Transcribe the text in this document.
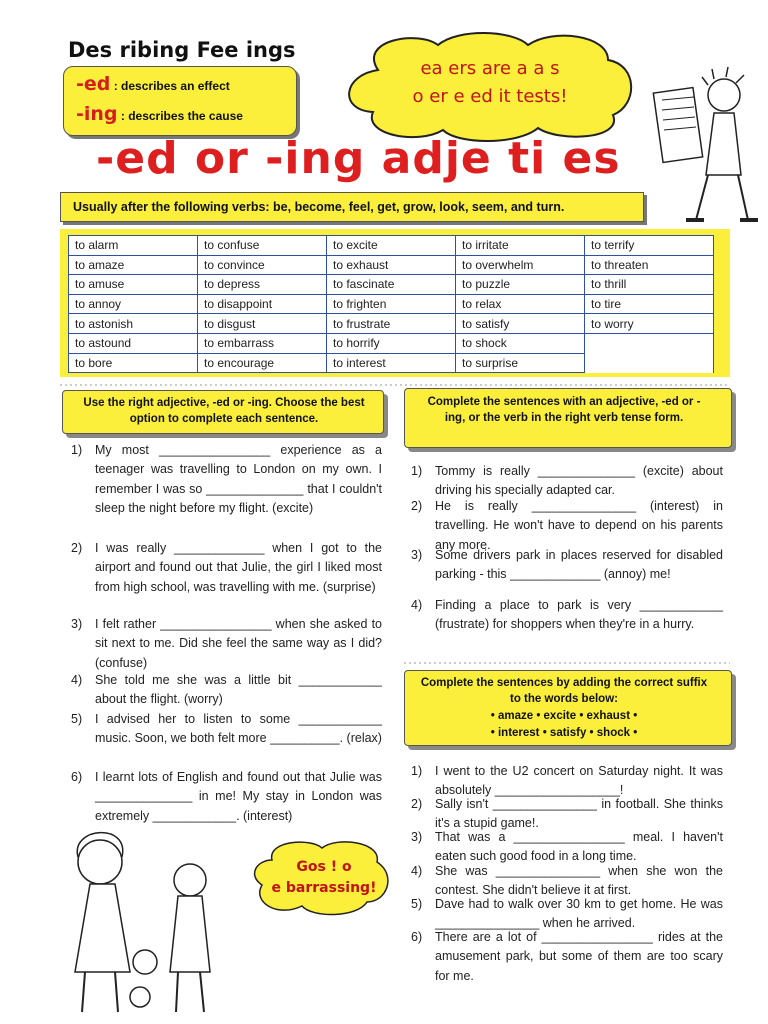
Des ribing Fee ings
-ed : describes an effect
-ing : describes the cause
ea ers are a a s
o er e ed it tests!
-ed or -ing adje ti es
Usually after the following verbs: be, become, feel, get, grow, look, seem, and turn.
to alarm	to confuse	to excite	to irritate	to terrify
to amaze	to convince	to exhaust	to overwhelm	to threaten
to amuse	to depress	to fascinate	to puzzle	to thrill
to annoy	to disappoint	to frighten	to relax	to tire
to astonish	to disgust	to frustrate	to satisfy	to worry
to astound	to embarrass	to horrify	to shock	
to bore	to encourage	to interest	to surprise	
Use the right adjective, -ed or -ing. Choose the best option to complete each sentence.
1) My most ________________ experience as a teenager was travelling to London on my own. I remember I was so ______________ that I couldn't sleep the night before my flight. (excite)
2) I was really _____________ when I got to the airport and found out that Julie, the girl I liked most from high school, was travelling with me. (surprise)
3) I felt rather ________________ when she asked to sit next to me. Did she feel the same way as I did? (confuse)
4) She told me she was a little bit ____________ about the flight. (worry)
5) I advised her to listen to some ____________ music. Soon, we both felt more __________. (relax)
6) I learnt lots of English and found out that Julie was ______________ in me! My stay in London was extremely ____________. (interest)
Complete the sentences with an adjective, -ed or -ing, or the verb in the right verb tense form.
1) Tommy is really ______________ (excite) about driving his specially adapted car.
2) He is really _______________ (interest) in travelling. He won't have to depend on his parents any more.
3) Some drivers park in places reserved for disabled parking - this _____________ (annoy) me!
4) Finding a place to park is very ____________ (frustrate) for shoppers when they're in a hurry.
Complete the sentences by adding the correct suffix to the words below:
• amaze • excite • exhaust •
• interest • satisfy • shock •
1) I went to the U2 concert on Saturday night. It was absolutely __________________!
2) Sally isn't _______________ in football. She thinks it's a stupid game!.
3) That was a ________________ meal. I haven't eaten such good food in a long time.
4) She was _______________ when she won the contest. She didn't believe it at first.
5) Dave had to walk over 30 km to get home. He was _______________ when he arrived.
6) There are a lot of ________________ rides at the amusement park, but some of them are too scary for me.
Gos ! o
e barrassing!
